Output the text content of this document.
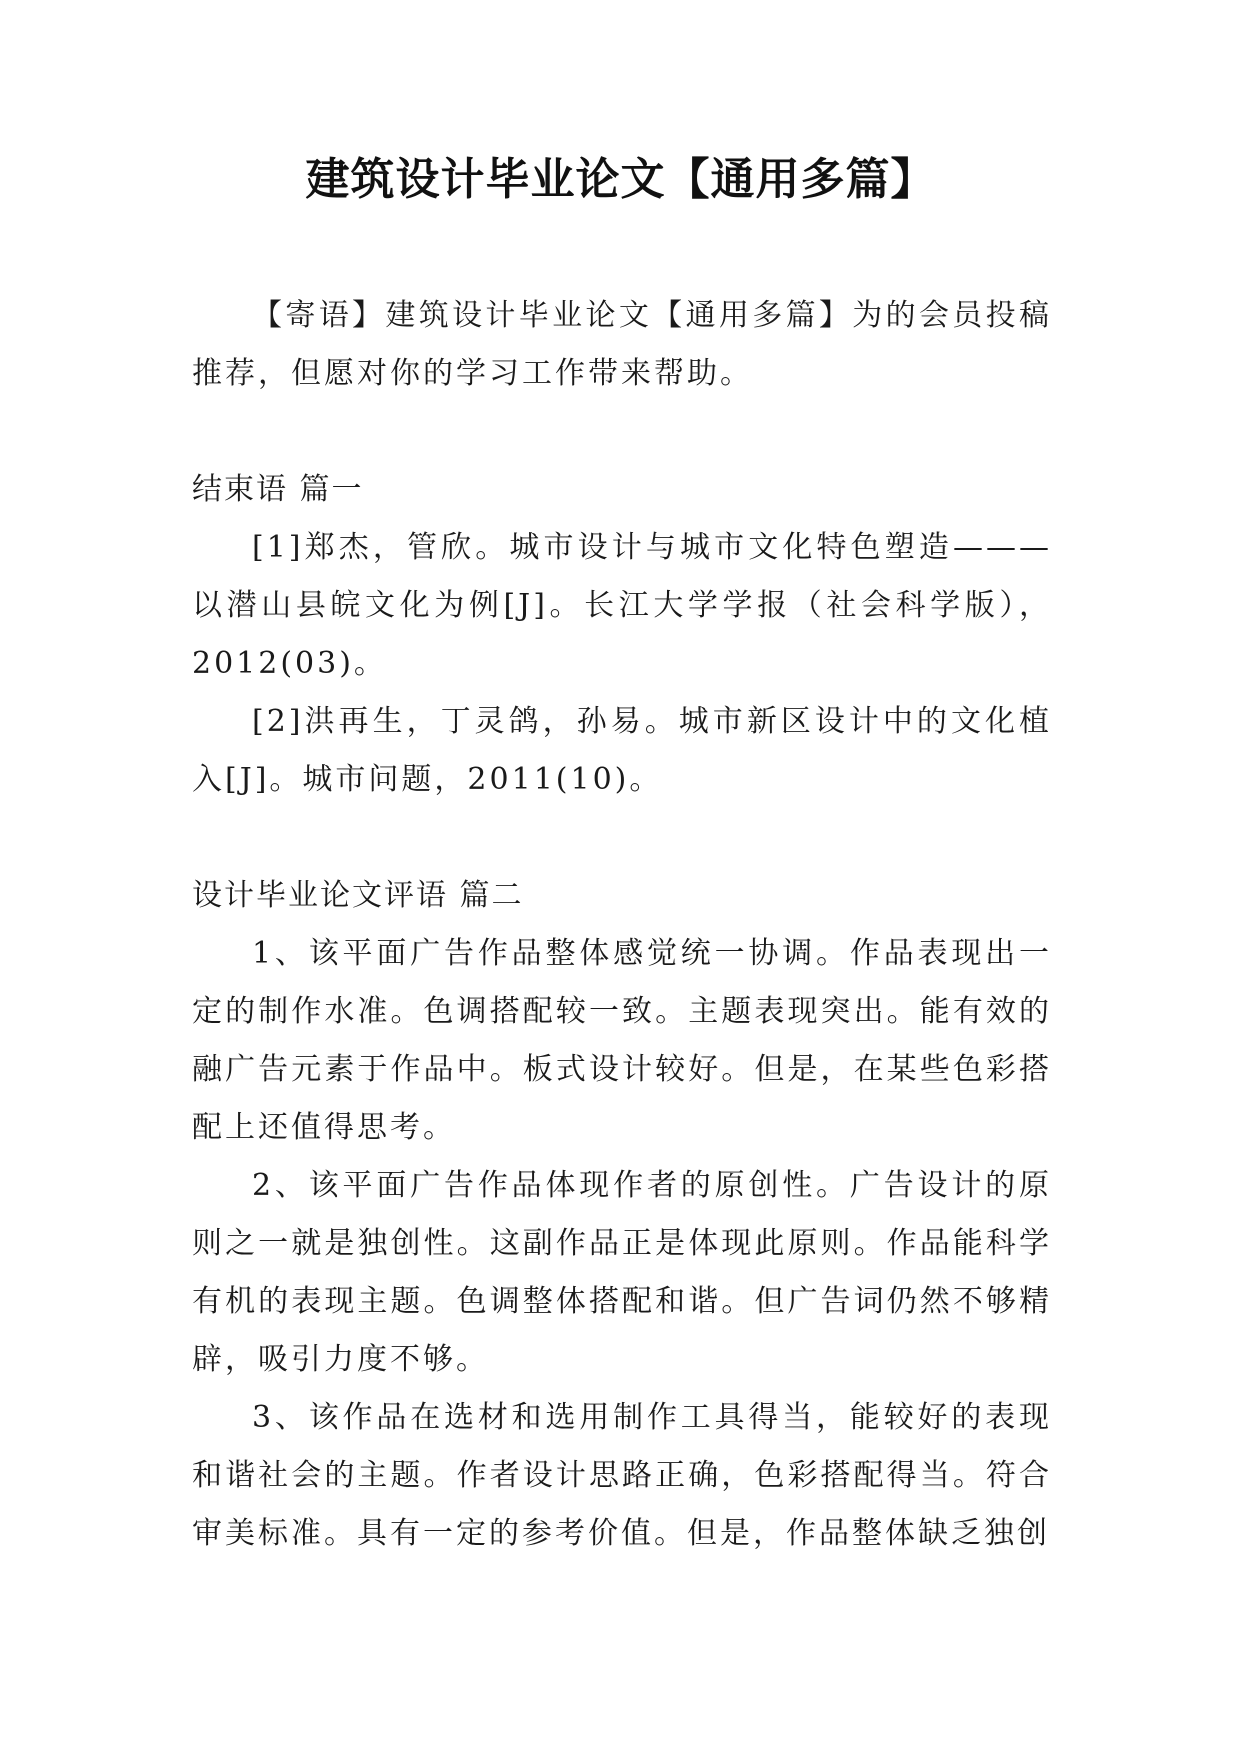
建筑设计毕业论文【通用多篇】

【寄语】建筑设计毕业论文【通用多篇】为的会员投稿推荐，但愿对你的学习工作带来帮助。

结束语 篇一

[1]郑杰，管欣。城市设计与城市文化特色塑造———以潜山县皖文化为例[J]。长江大学学报（社会科学版），2012(03)。

[2]洪再生，丁灵鸽，孙易。城市新区设计中的文化植入[J]。城市问题，2011(10)。

设计毕业论文评语 篇二

1、该平面广告作品整体感觉统一协调。作品表现出一定的制作水准。色调搭配较一致。主题表现突出。能有效的融广告元素于作品中。板式设计较好。但是，在某些色彩搭配上还值得思考。

2、该平面广告作品体现作者的原创性。广告设计的原则之一就是独创性。这副作品正是体现此原则。作品能科学有机的表现主题。色调整体搭配和谐。但广告词仍然不够精辟，吸引力度不够。

3、该作品在选材和选用制作工具得当，能较好的表现和谐社会的主题。作者设计思路正确，色彩搭配得当。符合审美标准。具有一定的参考价值。但是，作品整体缺乏独创
